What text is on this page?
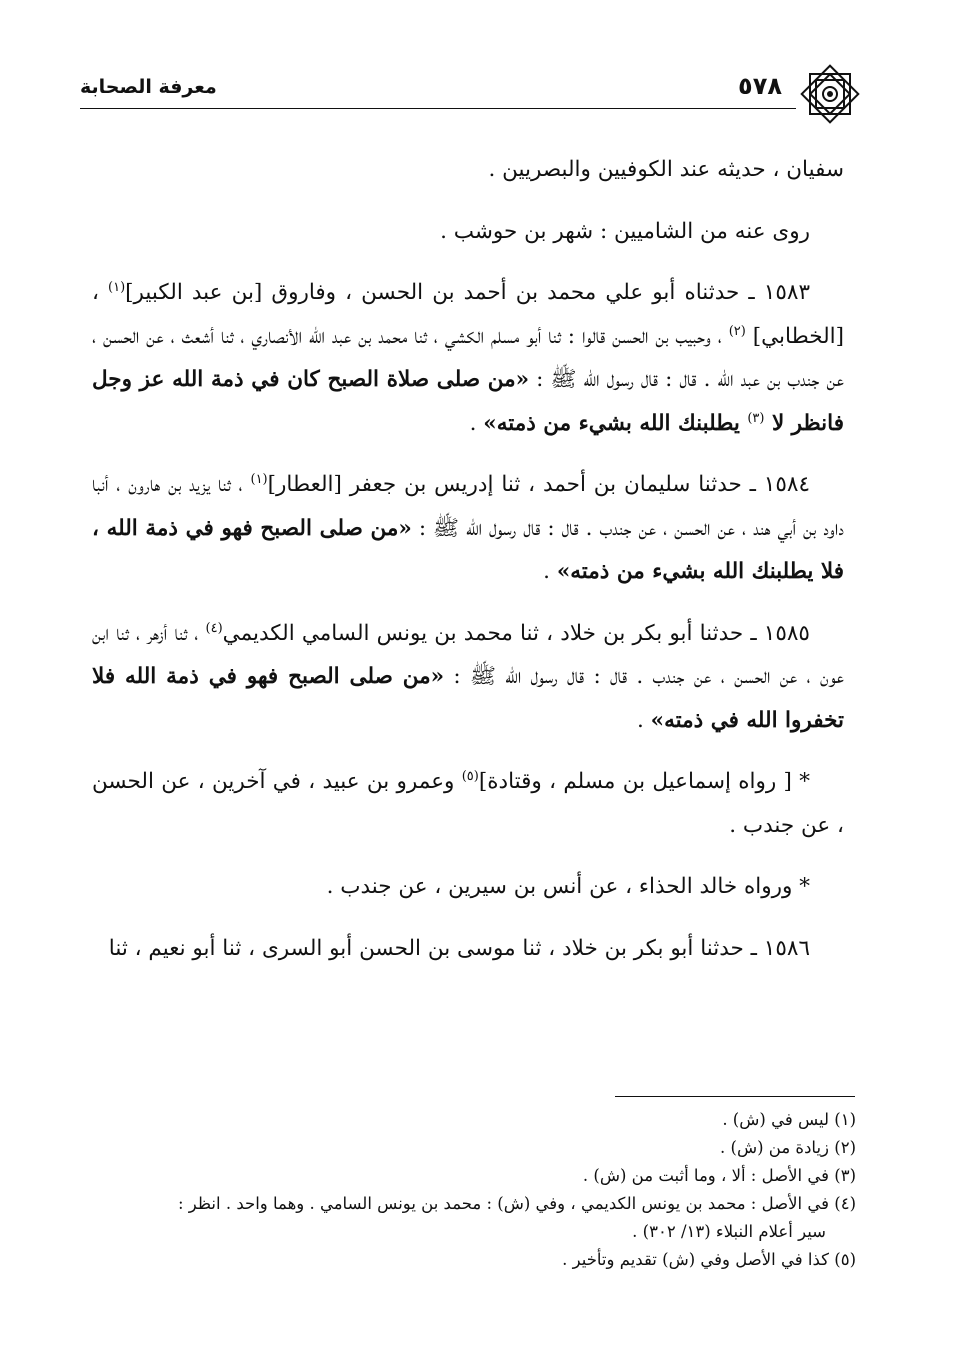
معرفة الصحابة	٥٧٨

سفيان ، حديثه عند الكوفيين والبصريين .

روى عنه من الشاميين : شهر بن حوشب .

١٥٨٣ ـ حدثناه أبو علي محمد بن أحمد بن الحسن ، وفاروق [بن عبد الكبير]$^{(١)}$ ، [الخطابي] $^{(٢)}$ ، وحبيب بن الحسن قالوا : ثنا أبو مسلم الكشي ، ثنا محمد بن عبد الله الأنصاري ، ثنا أشعث ، عن الحسن ، عن جندب بن عبد الله . قال : قال رسول الله ﷺ : «من صلى صلاة الصبح كان في ذمة الله عز وجل فانظر لا $^{(٣)}$ يطلبنك الله بشيء من ذمته» .

١٥٨٤ ـ حدثنا سليمان بن أحمد ، ثنا إدريس بن جعفر [العطار]$^{(١)}$ ، ثنا يزيد بن هارون ، أنبا داود بن أبي هند ، عن الحسن ، عن جندب . قال : قال رسول الله ﷺ : «من صلى الصبح فهو في ذمة الله ، فلا يطلبنك الله بشيء من ذمته» .

١٥٨٥ ـ حدثنا أبو بكر بن خلاد ، ثنا محمد بن يونس السامي الكديمي$^{(٤)}$ ، ثنا أزهر ، ثنا ابن عون ، عن الحسن ، عن جندب . قال : قال رسول الله ﷺ : «من صلى الصبح فهو في ذمة الله فلا تخفروا الله في ذمته» .

* [ رواه إسماعيل بن مسلم ، وقتادة]$^{(٥)}$ وعمرو بن عبيد ، في آخرين ، عن الحسن ، عن جندب .

* ورواه خالد الحذاء ، عن أنس بن سيرين ، عن جندب .

١٥٨٦ ـ حدثنا أبو بكر بن خلاد ، ثنا موسى بن الحسن أبو السرى ، ثنا أبو نعيم ، ثنا

(١) ليس في (ش) .

(٢) زيادة من (ش) .

(٣) في الأصل : ألا ، وما أثبت من (ش) .

(٤) في الأصل : محمد بن يونس الكديمي ، وفي (ش) : محمد بن يونس السامي . وهما واحد . انظر :

سير أعلام النبلاء (١٣/ ٣٠٢) .

(٥) كذا في الأصل وفي (ش) تقديم وتأخير .
